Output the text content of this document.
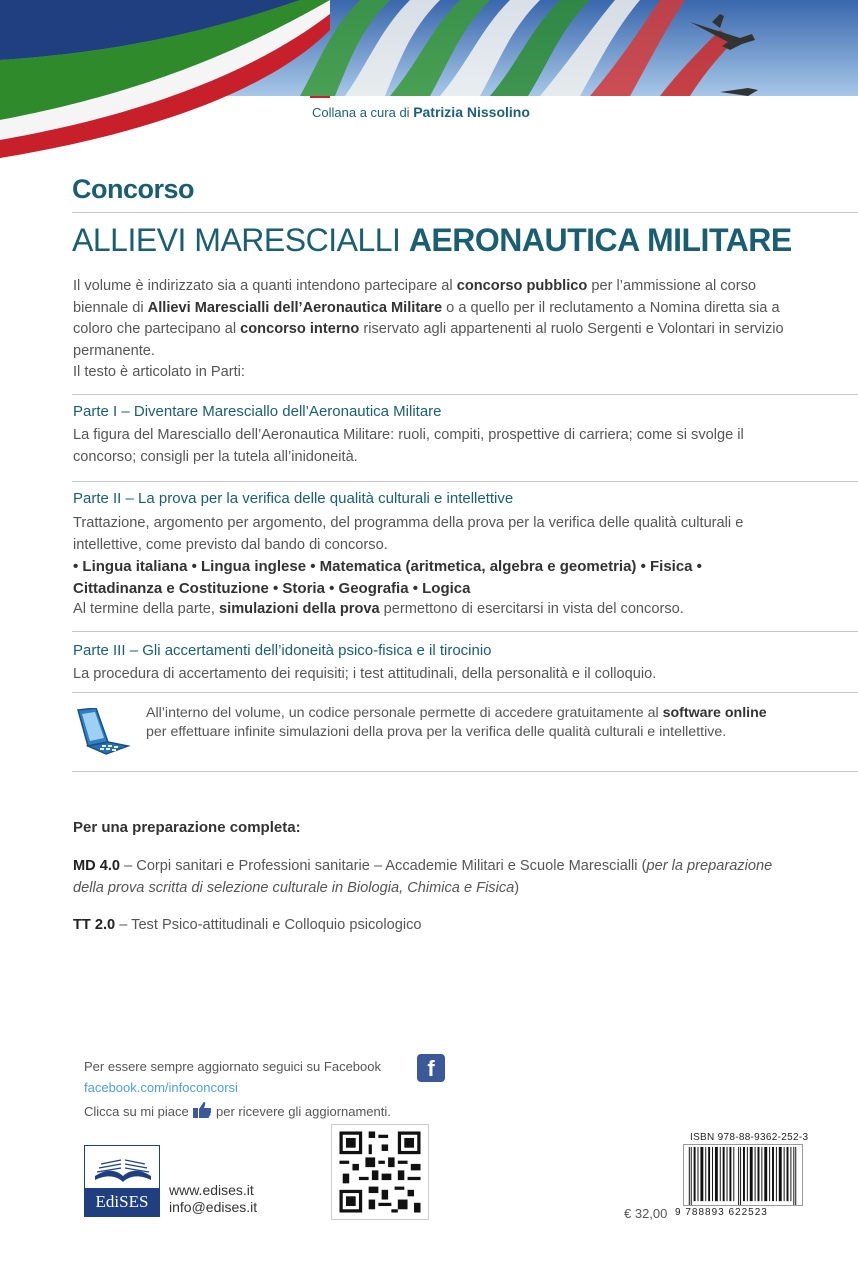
Collana a cura di Patrizia Nissolino
Concorso
ALLIEVI MARESCIALLI AERONAUTICA MILITARE
Il volume è indirizzato sia a quanti intendono partecipare al concorso pubblico per l’ammissione al corso biennale di Allievi Marescialli dell’Aeronautica Militare o a quello per il reclutamento a Nomina diretta sia a coloro che partecipano al concorso interno riservato agli appartenenti al ruolo Sergenti e Volontari in servizio permanente.
Il testo è articolato in Parti:
Parte I – Diventare Maresciallo dell’Aeronautica Militare
La figura del Maresciallo dell’Aeronautica Militare: ruoli, compiti, prospettive di carriera; come si svolge il concorso; consigli per la tutela all’inidoneità.
Parte II – La prova per la verifica delle qualità culturali e intellettive
Trattazione, argomento per argomento, del programma della prova per la verifica delle qualità culturali e intellettive, come previsto dal bando di concorso.
• Lingua italiana • Lingua inglese • Matematica (aritmetica, algebra e geometria) • Fisica •
Cittadinanza e Costituzione • Storia • Geografia • Logica
Al termine della parte, simulazioni della prova permettono di esercitarsi in vista del concorso.
Parte III – Gli accertamenti dell’idoneità psico-fisica e il tirocinio
La procedura di accertamento dei requisiti; i test attitudinali, della personalità e il colloquio.
All’interno del volume, un codice personale permette di accedere gratuitamente al software online per effettuare infinite simulazioni della prova per la verifica delle qualità culturali e intellettive.
Per una preparazione completa:
MD 4.0 – Corpi sanitari e Professioni sanitarie – Accademie Militari e Scuole Marescialli (per la preparazione della prova scritta di selezione culturale in Biologia, Chimica e Fisica)
TT 2.0 – Test Psico-attitudinali e Colloquio psicologico
Per essere sempre aggiornato seguici su Facebook	f
facebook.com/infoconcorsi
Clicca su mi piace per ricevere gli aggiornamenti.
EdiSES
www.edises.it
info@edises.it
ISBN 978-88-9362-252-3
9 788893 622523
€ 32,00
